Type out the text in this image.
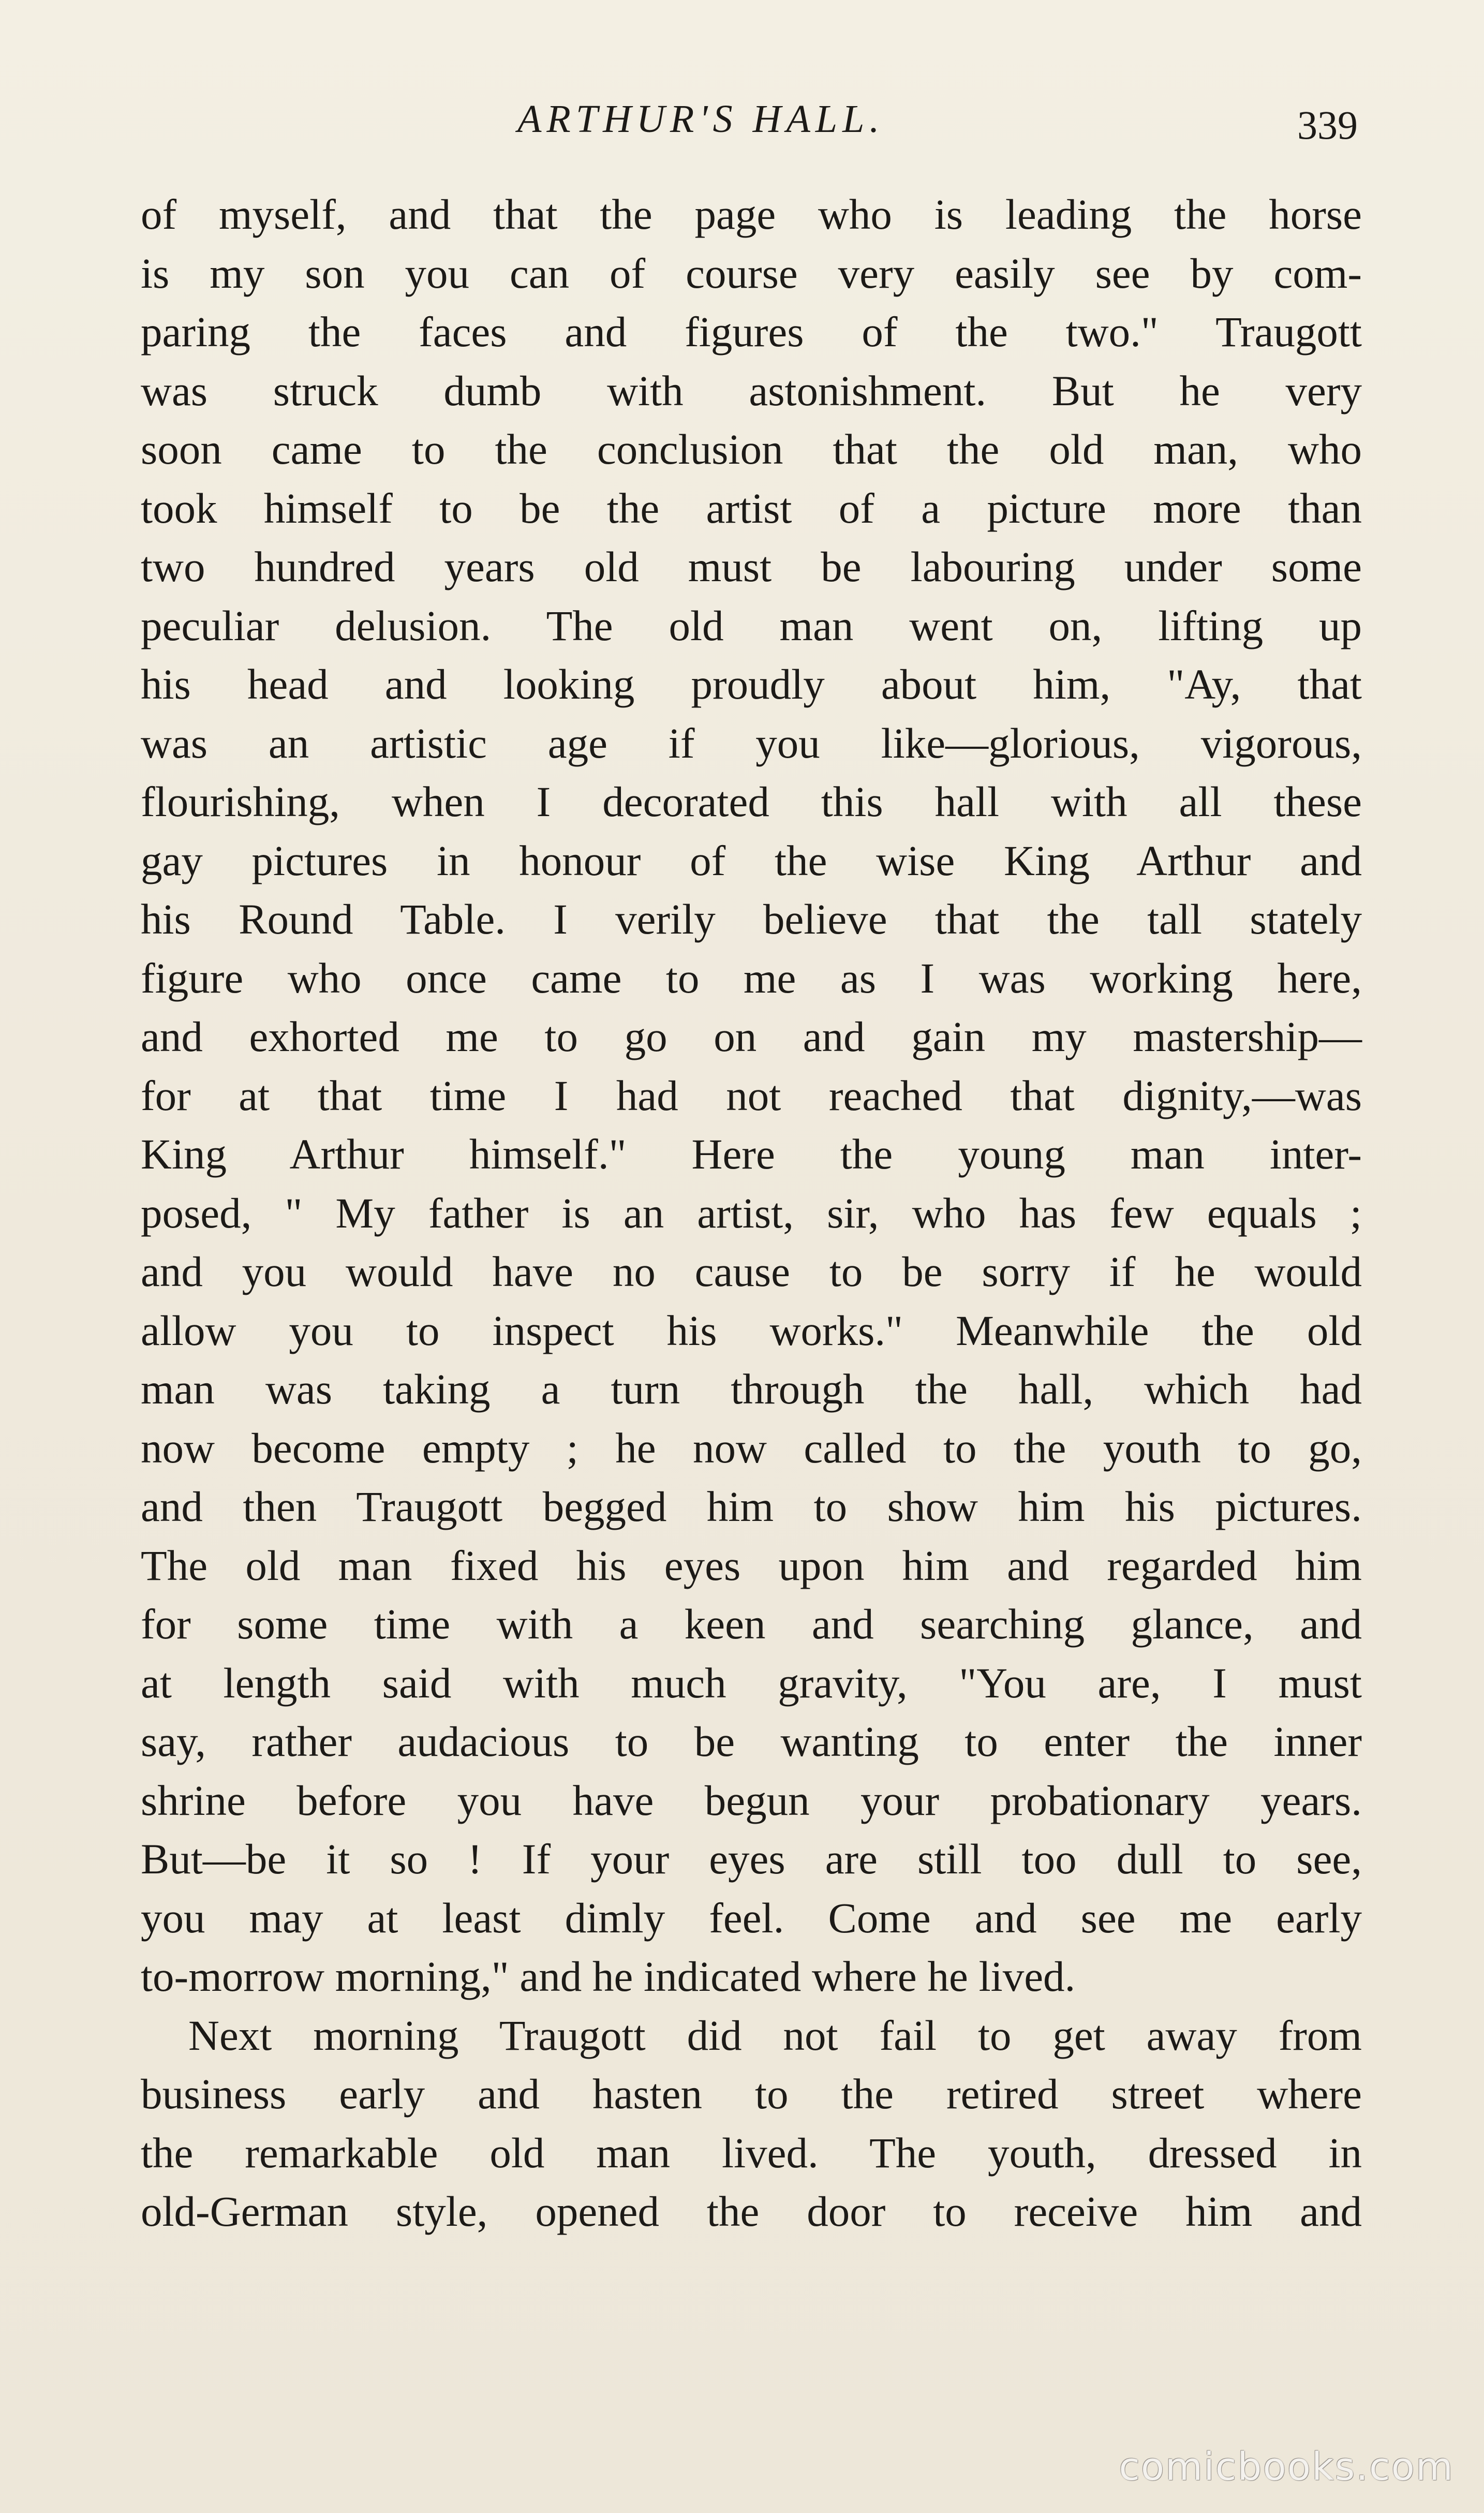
ARTHUR'S HALL.	339
of myself, and that the page who is leading the horse
is my son you can of course very easily see by com-
paring the faces and figures of the two." Traugott
was struck dumb with astonishment. But he very
soon came to the conclusion that the old man, who
took himself to be the artist of a picture more than
two hundred years old must be labouring under some
peculiar delusion. The old man went on, lifting up
his head and looking proudly about him, "Ay, that
was an artistic age if you like—glorious, vigorous,
flourishing, when I decorated this hall with all these
gay pictures in honour of the wise King Arthur and
his Round Table. I verily believe that the tall stately
figure who once came to me as I was working here,
and exhorted me to go on and gain my mastership—
for at that time I had not reached that dignity,—was
King Arthur himself." Here the young man inter-
posed, " My father is an artist, sir, who has few equals ;
and you would have no cause to be sorry if he would
allow you to inspect his works." Meanwhile the old
man was taking a turn through the hall, which had
now become empty ; he now called to the youth to go,
and then Traugott begged him to show him his pictures.
The old man fixed his eyes upon him and regarded him
for some time with a keen and searching glance, and
at length said with much gravity, "You are, I must
say, rather audacious to be wanting to enter the inner
shrine before you have begun your probationary years.
But—be it so ! If your eyes are still too dull to see,
you may at least dimly feel. Come and see me early
to-morrow morning," and he indicated where he lived.
Next morning Traugott did not fail to get away from
business early and hasten to the retired street where
the remarkable old man lived. The youth, dressed in
old-German style, opened the door to receive him and
comicbooks.com
